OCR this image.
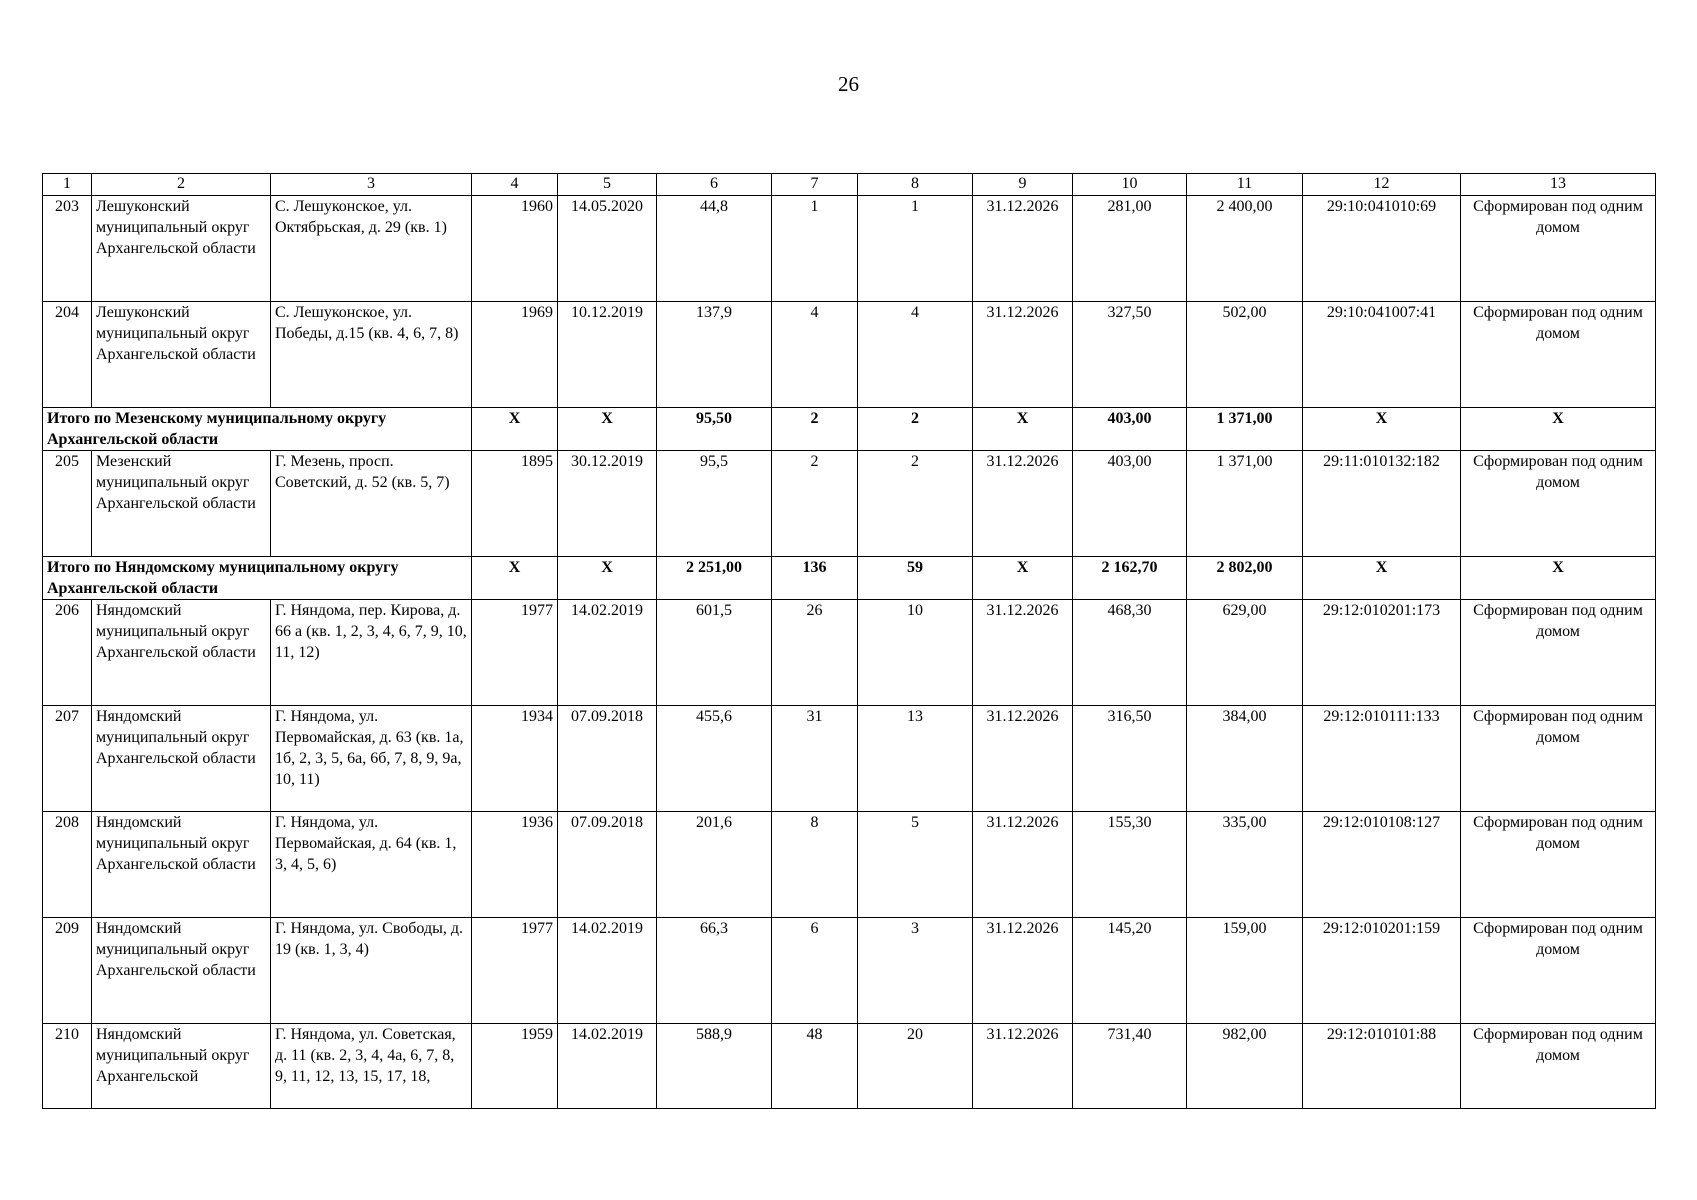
26
1	2	3	4	5	6	7	8	9	10	11	12	13
203	Лешуконский муниципальный округ Архангельской области	С. Лешуконское, ул. Октябрьская, д. 29 (кв. 1)	1960	14.05.2020	44,8	1	1	31.12.2026	281,00	2 400,00	29:10:041010:69	Сформирован под одним домом
204	Лешуконский муниципальный округ Архангельской области	С. Лешуконское, ул. Победы, д.15 (кв. 4, 6, 7, 8)	1969	10.12.2019	137,9	4	4	31.12.2026	327,50	502,00	29:10:041007:41	Сформирован под одним домом
Итого по Мезенскому муниципальному округу Архангельской области			X	X	95,50	2	2	X	403,00	1 371,00	X	X
205	Мезенский муниципальный округ Архангельской области	Г. Мезень, просп. Советский, д. 52 (кв. 5, 7)	1895	30.12.2019	95,5	2	2	31.12.2026	403,00	1 371,00	29:11:010132:182	Сформирован под одним домом
Итого по Няндомскому муниципальному округу Архангельской области			X	X	2 251,00	136	59	X	2 162,70	2 802,00	X	X
206	Няндомский муниципальный округ Архангельской области	Г. Няндома, пер. Кирова, д. 66 а (кв. 1, 2, 3, 4, 6, 7, 9, 10, 11, 12)	1977	14.02.2019	601,5	26	10	31.12.2026	468,30	629,00	29:12:010201:173	Сформирован под одним домом
207	Няндомский муниципальный округ Архангельской области	Г. Няндома, ул. Первомайская, д. 63 (кв. 1а, 1б, 2, 3, 5, 6а, 6б, 7, 8, 9, 9а, 10, 11)	1934	07.09.2018	455,6	31	13	31.12.2026	316,50	384,00	29:12:010111:133	Сформирован под одним домом
208	Няндомский муниципальный округ Архангельской области	Г. Няндома, ул. Первомайская, д. 64 (кв. 1, 3, 4, 5, 6)	1936	07.09.2018	201,6	8	5	31.12.2026	155,30	335,00	29:12:010108:127	Сформирован под одним домом
209	Няндомский муниципальный округ Архангельской области	Г. Няндома, ул. Свободы, д. 19 (кв. 1, 3, 4)	1977	14.02.2019	66,3	6	3	31.12.2026	145,20	159,00	29:12:010201:159	Сформирован под одним домом
210	Няндомский муниципальный округ Архангельской	Г. Няндома, ул. Советская, д. 11 (кв. 2, 3, 4, 4а, 6, 7, 8, 9, 11, 12, 13, 15, 17, 18,	1959	14.02.2019	588,9	48	20	31.12.2026	731,40	982,00	29:12:010101:88	Сформирован под одним домом
